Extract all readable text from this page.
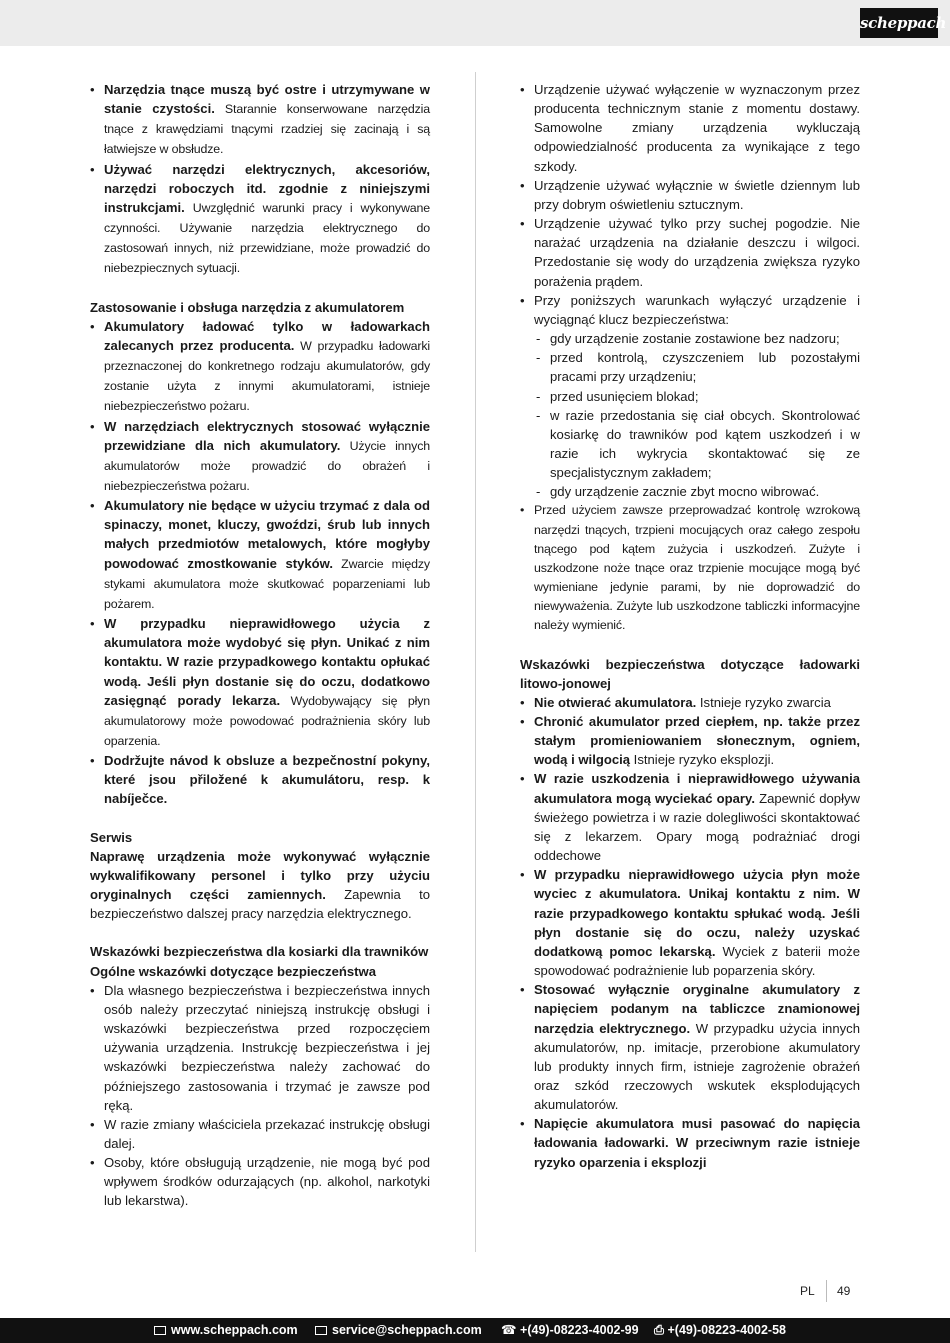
scheppach
• Narzędzia tnące muszą być ostre i utrzymywane w stanie czystości. Starannie konserwowane narzędzia tnące z krawędziami tnącymi rzadziej się zacinają i są łatwiejsze w obsłudze.
• Używać narzędzi elektrycznych, akcesoriów, narzędzi roboczych itd. zgodnie z niniejszymi instrukcjami. Uwzględnić warunki pracy i wykonywane czynności. Używanie narzędzia elektrycznego do zastosowań innych, niż przewidziane, może prowadzić do niebezpiecznych sytuacji.

Zastosowanie i obsługa narzędzia z akumulatorem

• Akumulatory ładować tylko w ładowarkach zalecanych przez producenta. W przypadku ładowarki przeznaczonej do konkretnego rodzaju akumulatorów, gdy zostanie użyta z innymi akumulatorami, istnieje niebezpieczeństwo pożaru.
• W narzędziach elektrycznych stosować wyłącznie przewidziane dla nich akumulatory. Użycie innych akumulatorów może prowadzić do obrażeń i niebezpieczeństwa pożaru.
• Akumulatory nie będące w użyciu trzymać z dala od spinaczy, monet, kluczy, gwoździ, śrub lub innych małych przedmiotów metalowych, które mogłyby powodować zmostkowanie styków. Zwarcie między stykami akumulatora może skutkować poparzeniami lub pożarem.
• W przypadku nieprawidłowego użycia z akumulatora może wydobyć się płyn. Unikać z nim kontaktu. W razie przypadkowego kontaktu opłukać wodą. Jeśli płyn dostanie się do oczu, dodatkowo zasięgnąć porady lekarza. Wydobywający się płyn akumulatorowy może powodować podrażnienia skóry lub oparzenia.
• Dodržujte návod k obsluze a bezpečnostní pokyny, které jsou přiložené k akumulátoru, resp. k nabíječce.

Serwis

Naprawę urządzenia może wykonywać wyłącznie wykwalifikowany personel i tylko przy użyciu oryginalnych części zamiennych. Zapewnia to bezpieczeństwo dalszej pracy narzędzia elektrycznego.

Wskazówki bezpieczeństwa dla kosiarki dla trawników

Ogólne wskazówki dotyczące bezpieczeństwa

• Dla własnego bezpieczeństwa i bezpieczeństwa innych osób należy przeczytać niniejszą instrukcję obsługi i wskazówki bezpieczeństwa przed rozpoczęciem używania urządzenia. Instrukcję bezpieczeństwa i jej wskazówki bezpieczeństwa należy zachować do późniejszego zastosowania i trzymać je zawsze pod ręką.
• W razie zmiany właściciela przekazać instrukcję obsługi dalej.
• Osoby, które obsługują urządzenie, nie mogą być pod wpływem środków odurzających (np. alkohol, narkotyki lub lekarstwa).
• Urządzenie używać wyłączenie w wyznaczonym przez producenta technicznym stanie z momentu dostawy. Samowolne zmiany urządzenia wykluczają odpowiedzialność producenta za wynikające z tego szkody.
• Urządzenie używać wyłącznie w świetle dziennym lub przy dobrym oświetleniu sztucznym.
• Urządzenie używać tylko przy suchej pogodzie. Nie narażać urządzenia na działanie deszczu i wilgoci. Przedostanie się wody do urządzenia zwiększa ryzyko porażenia prądem.
• Przy poniższych warunkach wyłączyć urządzenie i wyciągnąć klucz bezpieczeństwa:
- gdy urządzenie zostanie zostawione bez nadzoru;
- przed kontrolą, czyszczeniem lub pozostałymi pracami przy urządzeniu;
- przed usunięciem blokad;
- w razie przedostania się ciał obcych. Skontrolować kosiarkę do trawników pod kątem uszkodzeń i w razie ich wykrycia skontaktować się ze specjalistycznym zakładem;
- gdy urządzenie zacznie zbyt mocno wibrować.
• Przed użyciem zawsze przeprowadzać kontrolę wzrokową narzędzi tnących, trzpieni mocujących oraz całego zespołu tnącego pod kątem zużycia i uszkodzeń. Zużyte i uszkodzone noże tnące oraz trzpienie mocujące mogą być wymieniane jedynie parami, by nie doprowadzić do niewyważenia. Zużyte lub uszkodzone tabliczki informacyjne należy wymienić.

Wskazówki bezpieczeństwa dotyczące ładowarki litowo-jonowej

• Nie otwierać akumulatora. Istnieje ryzyko zwarcia
• Chronić akumulator przed ciepłem, np. także przez stałym promieniowaniem słonecznym, ogniem, wodą i wilgocią Istnieje ryzyko eksplozji.
• W razie uszkodzenia i nieprawidłowego używania akumulatora mogą wyciekać opary. Zapewnić dopływ świeżego powietrza i w razie dolegliwości skontaktować się z lekarzem. Opary mogą podrażniać drogi oddechowe
• W przypadku nieprawidłowego użycia płyn może wyciec z akumulatora. Unikaj kontaktu z nim. W razie przypadkowego kontaktu spłukać wodą. Jeśli płyn dostanie się do oczu, należy uzyskać dodatkową pomoc lekarską. Wyciek z baterii może spowodować podrażnienie lub poparzenia skóry.
• Stosować wyłącznie oryginalne akumulatory z napięciem podanym na tabliczce znamionowej narzędzia elektrycznego. W przypadku użycia innych akumulatorów, np. imitacje, przerobione akumulatory lub produkty innych firm, istnieje zagrożenie obrażeń oraz szkód rzeczowych wskutek eksplodujących akumulatorów.
• Napięcie akumulatora musi pasować do napięcia ładowania ładowarki. W przeciwnym razie istnieje ryzyko oparzenia i eksplozji
PL 49
www.scheppach.com	service@scheppach.com ☎ +(49)-08223-4002-99 ⎙ +(49)-08223-4002-58
